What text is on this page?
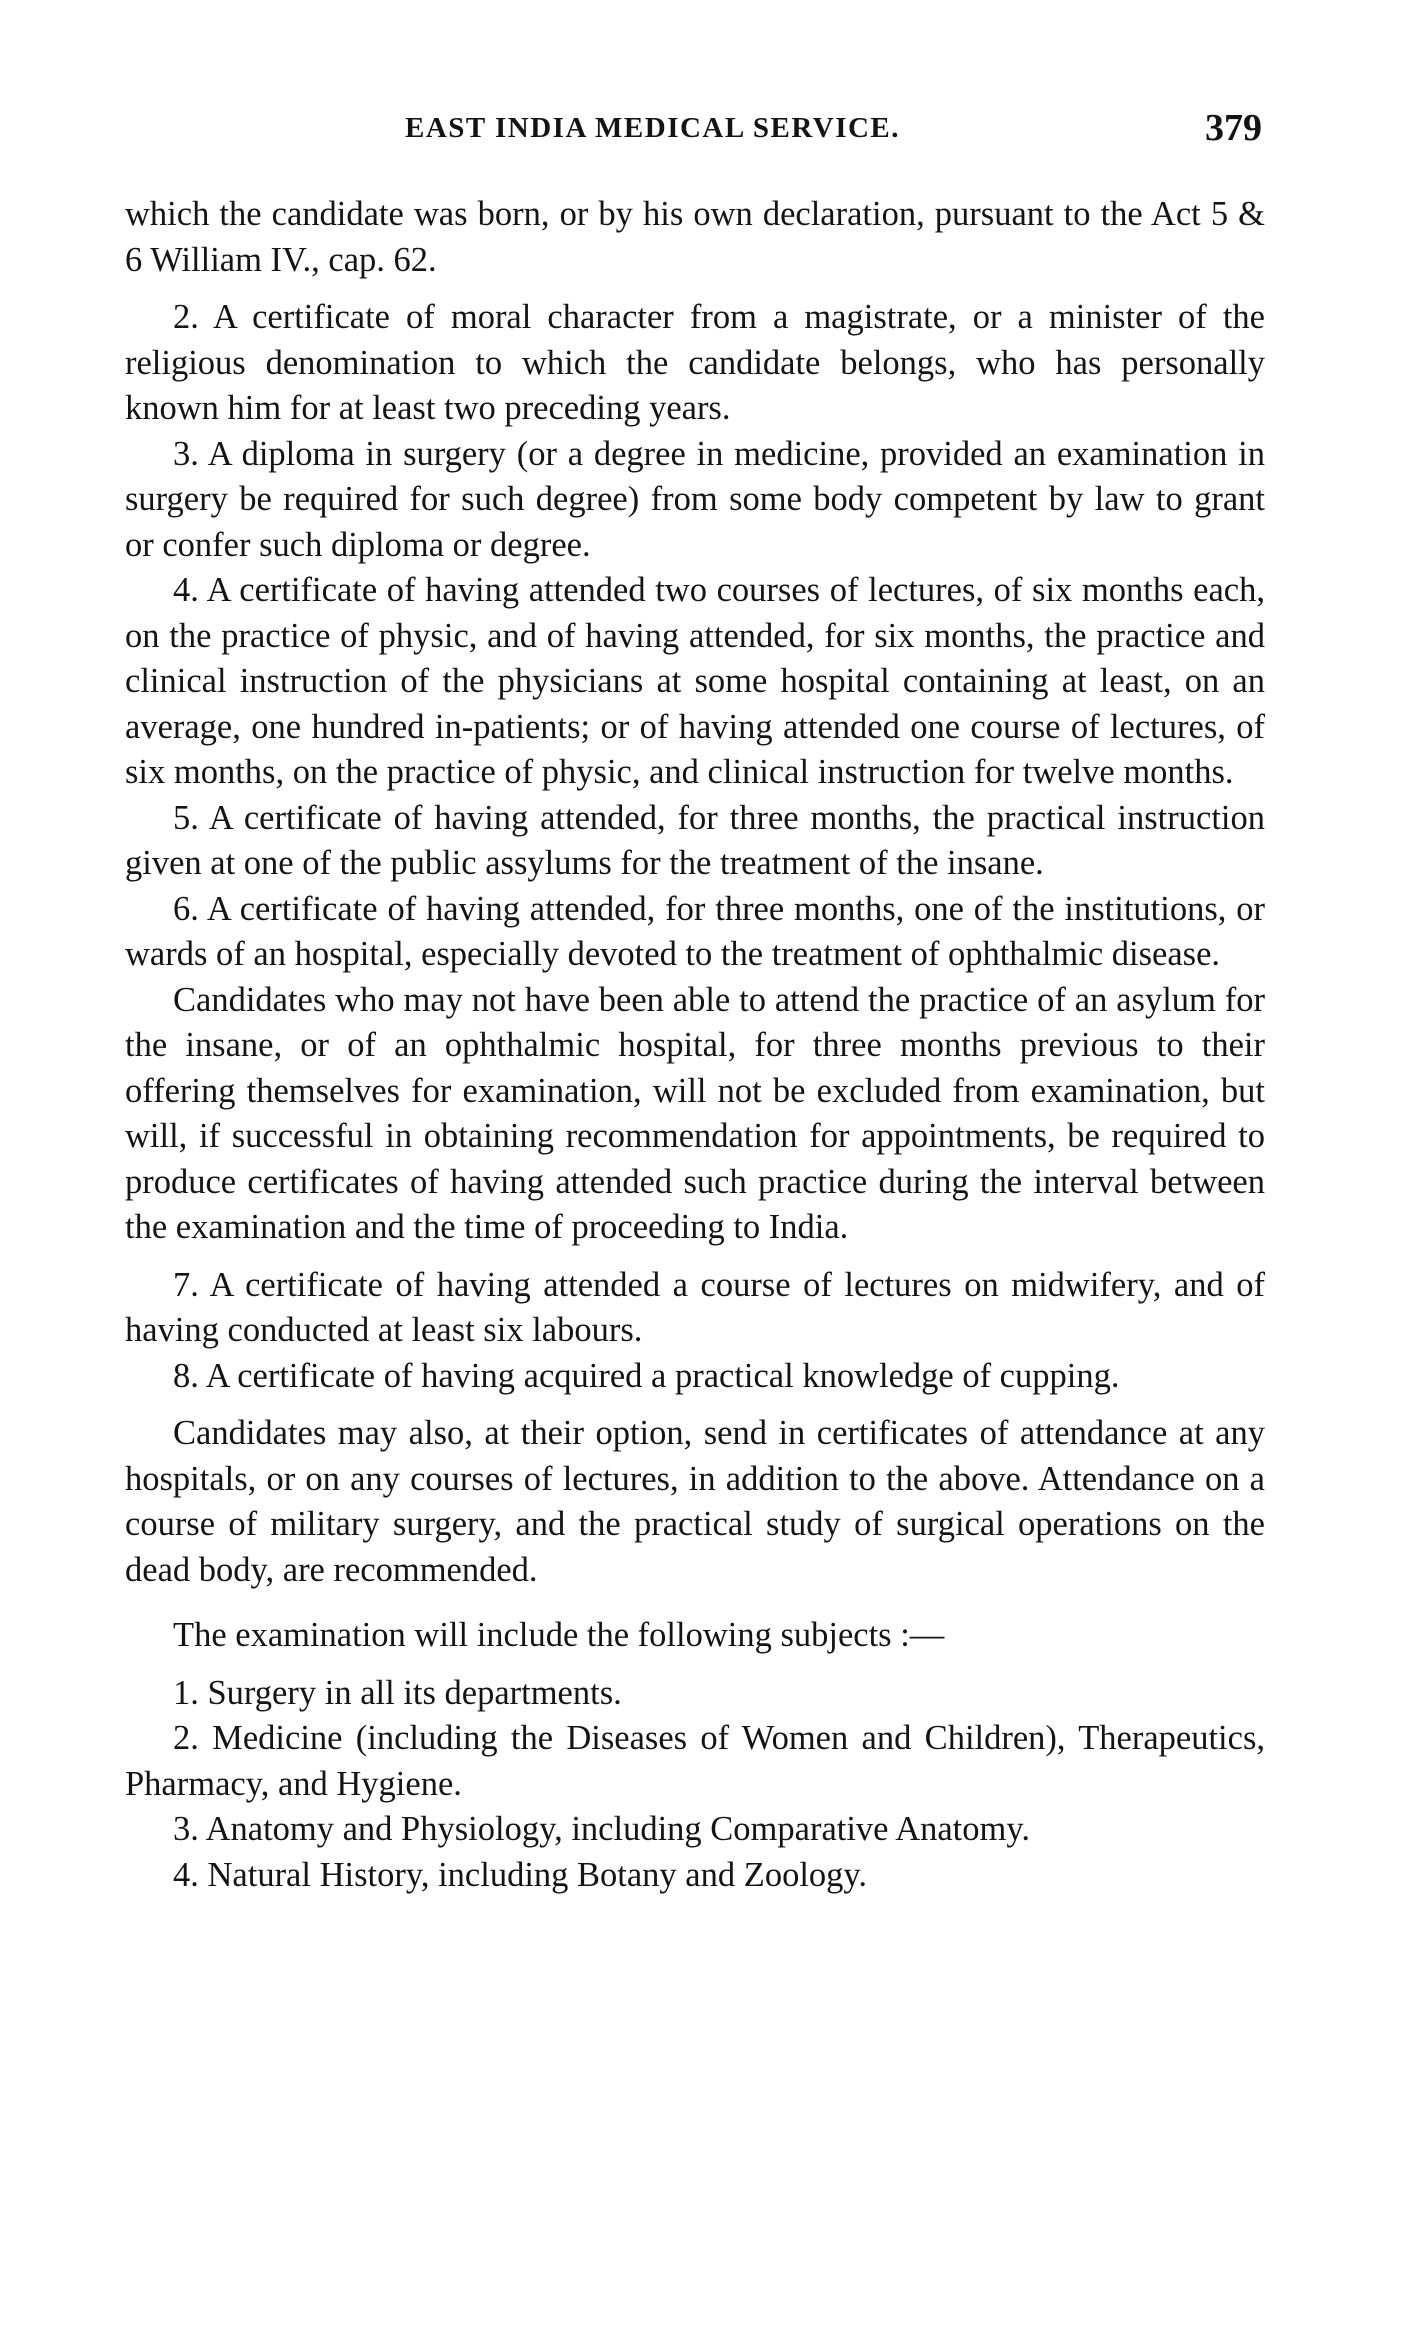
EAST INDIA MEDICAL SERVICE.	379

which the candidate was born, or by his own declaration, pursuant to the Act 5 & 6 William IV., cap. 62.

2. A certificate of moral character from a magistrate, or a minister of the religious denomination to which the candidate belongs, who has personally known him for at least two preceding years.

3. A diploma in surgery (or a degree in medicine, provided an examination in surgery be required for such degree) from some body competent by law to grant or confer such diploma or degree.

4. A certificate of having attended two courses of lectures, of six months each, on the practice of physic, and of having attended, for six months, the practice and clinical instruction of the physicians at some hospital containing at least, on an average, one hundred in-patients; or of having attended one course of lectures, of six months, on the practice of physic, and clinical instruction for twelve months.

5. A certificate of having attended, for three months, the practical instruction given at one of the public assylums for the treatment of the insane.

6. A certificate of having attended, for three months, one of the institutions, or wards of an hospital, especially devoted to the treatment of ophthalmic disease.

Candidates who may not have been able to attend the practice of an asylum for the insane, or of an ophthalmic hospital, for three months previous to their offering themselves for examination, will not be excluded from examination, but will, if successful in obtaining recommendation for appointments, be required to produce certificates of having attended such practice during the interval between the examination and the time of proceeding to India.

7. A certificate of having attended a course of lectures on midwifery, and of having conducted at least six labours.

8. A certificate of having acquired a practical knowledge of cupping.

Candidates may also, at their option, send in certificates of attendance at any hospitals, or on any courses of lectures, in addition to the above. Attendance on a course of military surgery, and the practical study of surgical operations on the dead body, are recommended.

The examination will include the following subjects :—

1. Surgery in all its departments.

2. Medicine (including the Diseases of Women and Children), Therapeutics, Pharmacy, and Hygiene.

3. Anatomy and Physiology, including Comparative Anatomy.

4. Natural History, including Botany and Zoology.
